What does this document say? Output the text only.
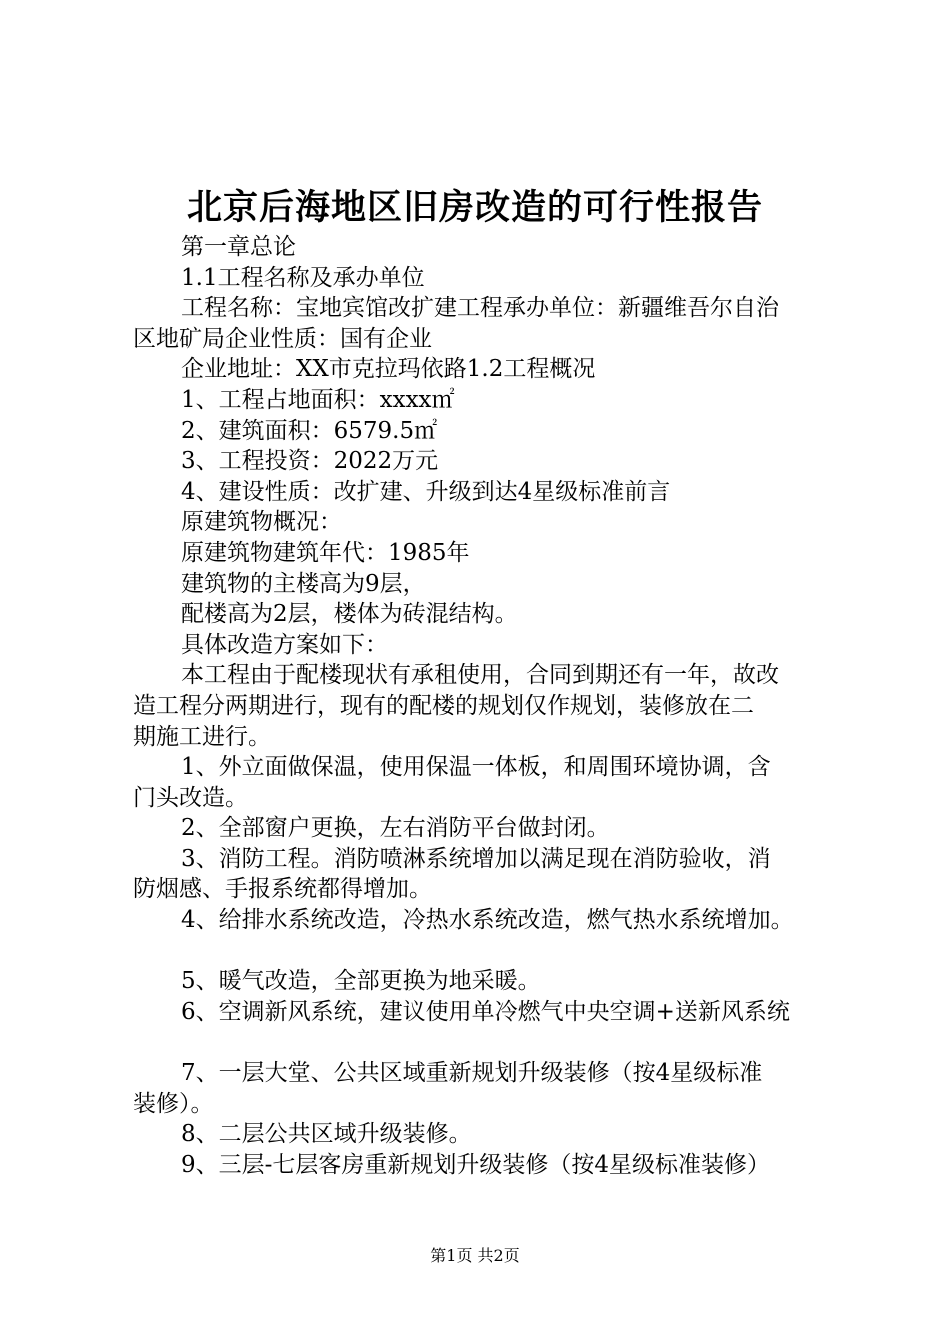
北京后海地区旧房改造的可行性报告
第一章总论
1.1工程名称及承办单位
工程名称：宝地宾馆改扩建工程承办单位：新疆维吾尔自治
区地矿局企业性质：国有企业
企业地址：XX市克拉玛依路1.2工程概况
1、工程占地面积：xxxx㎡
2、建筑面积：6579.5㎡
3、工程投资：2022万元
4、建设性质：改扩建、升级到达4星级标准前言
原建筑物概况：
原建筑物建筑年代：1985年
建筑物的主楼高为9层，
配楼高为2层，楼体为砖混结构。
具体改造方案如下：
本工程由于配楼现状有承租使用，合同到期还有一年，故改
造工程分两期进行，现有的配楼的规划仅作规划，装修放在二
期施工进行。
1、外立面做保温，使用保温一体板，和周围环境协调，含
门头改造。
2、全部窗户更换，左右消防平台做封闭。
3、消防工程。消防喷淋系统增加以满足现在消防验收，消
防烟感、手报系统都得增加。
4、给排水系统改造，冷热水系统改造，燃气热水系统增加。
5、暖气改造，全部更换为地采暖。
6、空调新风系统，建议使用单冷燃气中央空调+送新风系统
7、一层大堂、公共区域重新规划升级装修（按4星级标准
装修）。
8、二层公共区域升级装修。
9、三层-七层客房重新规划升级装修（按4星级标准装修）
第1页 共2页
